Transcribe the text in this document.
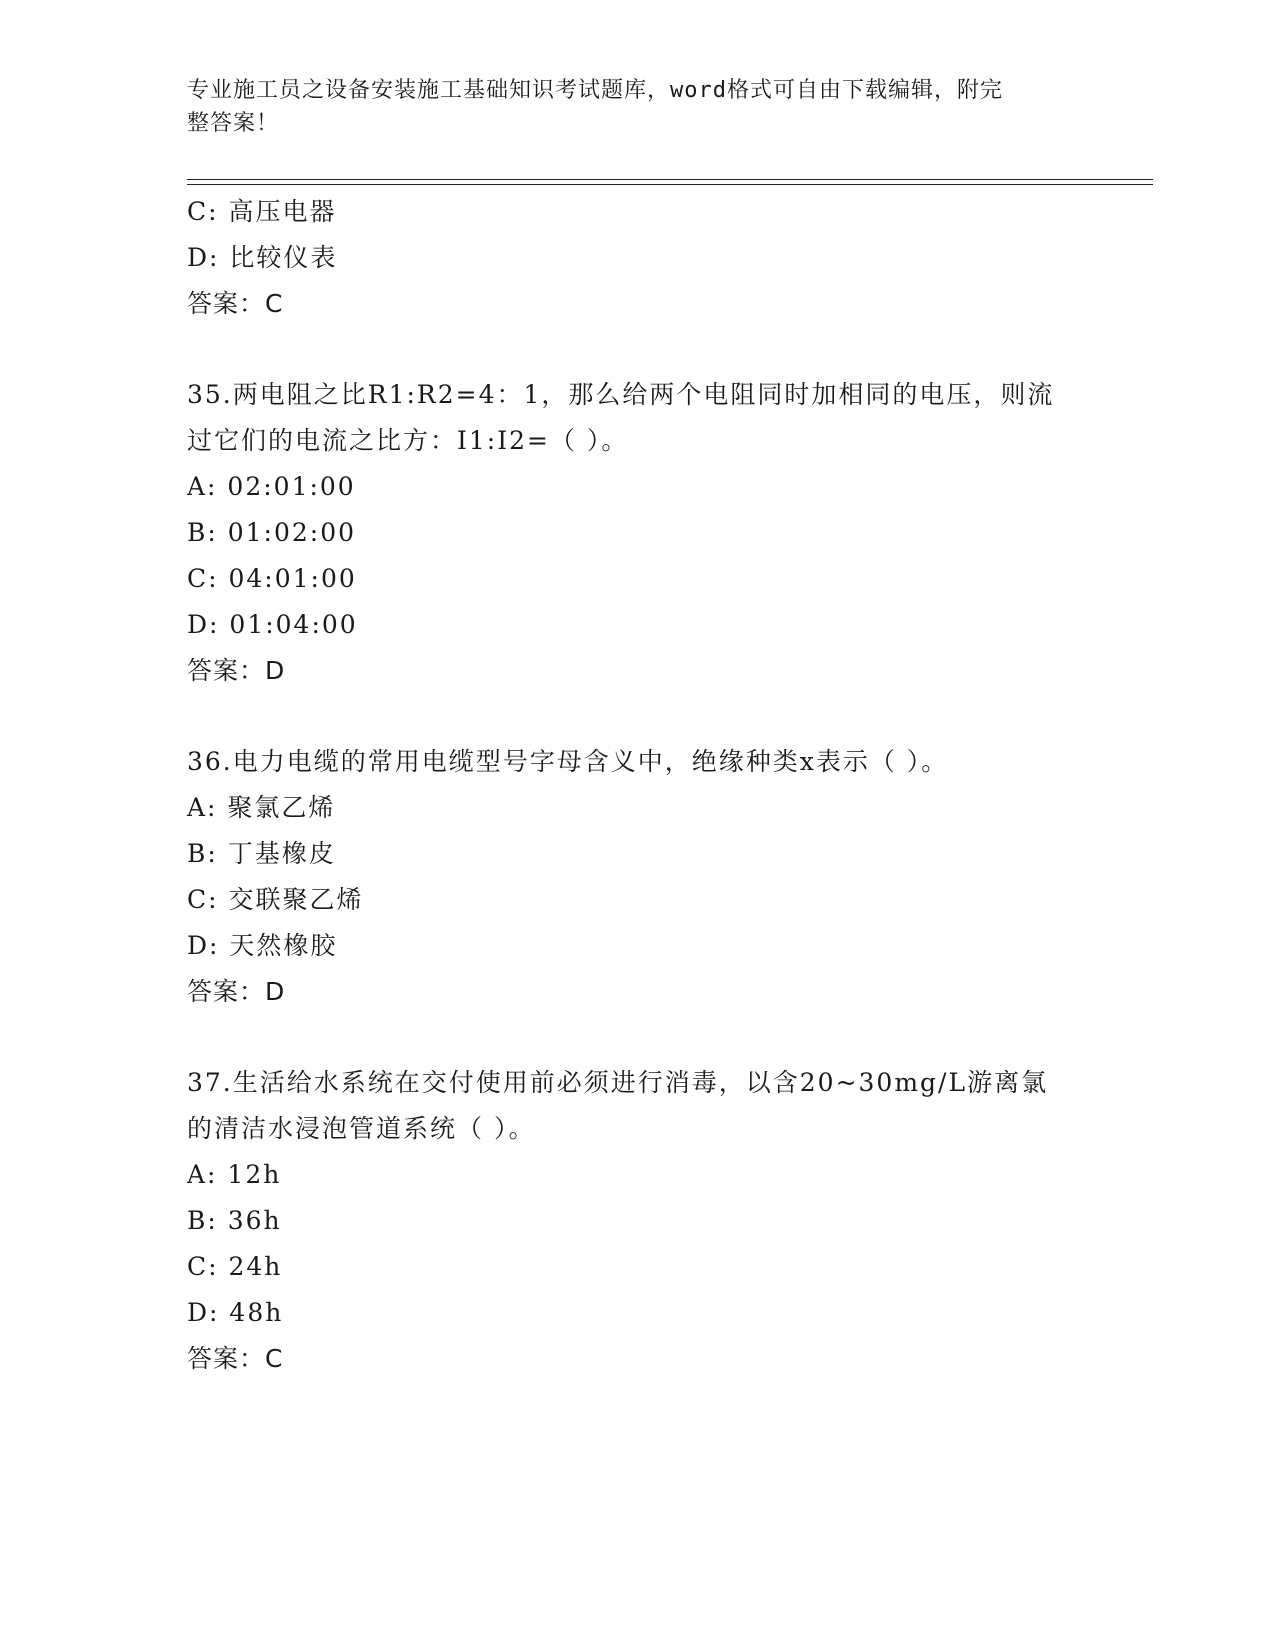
专业施工员之设备安装施工基础知识考试题库，word格式可自由下载编辑，附完
整答案！
C: 高压电器
D: 比较仪表
答案：C
35.两电阻之比R1:R2=4：1，那么给两个电阻同时加相同的电压，则流
过它们的电流之比方：I1:I2=（ ）。
A: 02:01:00
B: 01:02:00
C: 04:01:00
D: 01:04:00
答案：D
36.电力电缆的常用电缆型号字母含义中，绝缘种类x表示（ ）。
A: 聚氯乙烯
B: 丁基橡皮
C: 交联聚乙烯
D: 天然橡胶
答案：D
37.生活给水系统在交付使用前必须进行消毒，以含20~30mg/L游离氯
的清洁水浸泡管道系统（ ）。
A: 12h
B: 36h
C: 24h
D: 48h
答案：C
